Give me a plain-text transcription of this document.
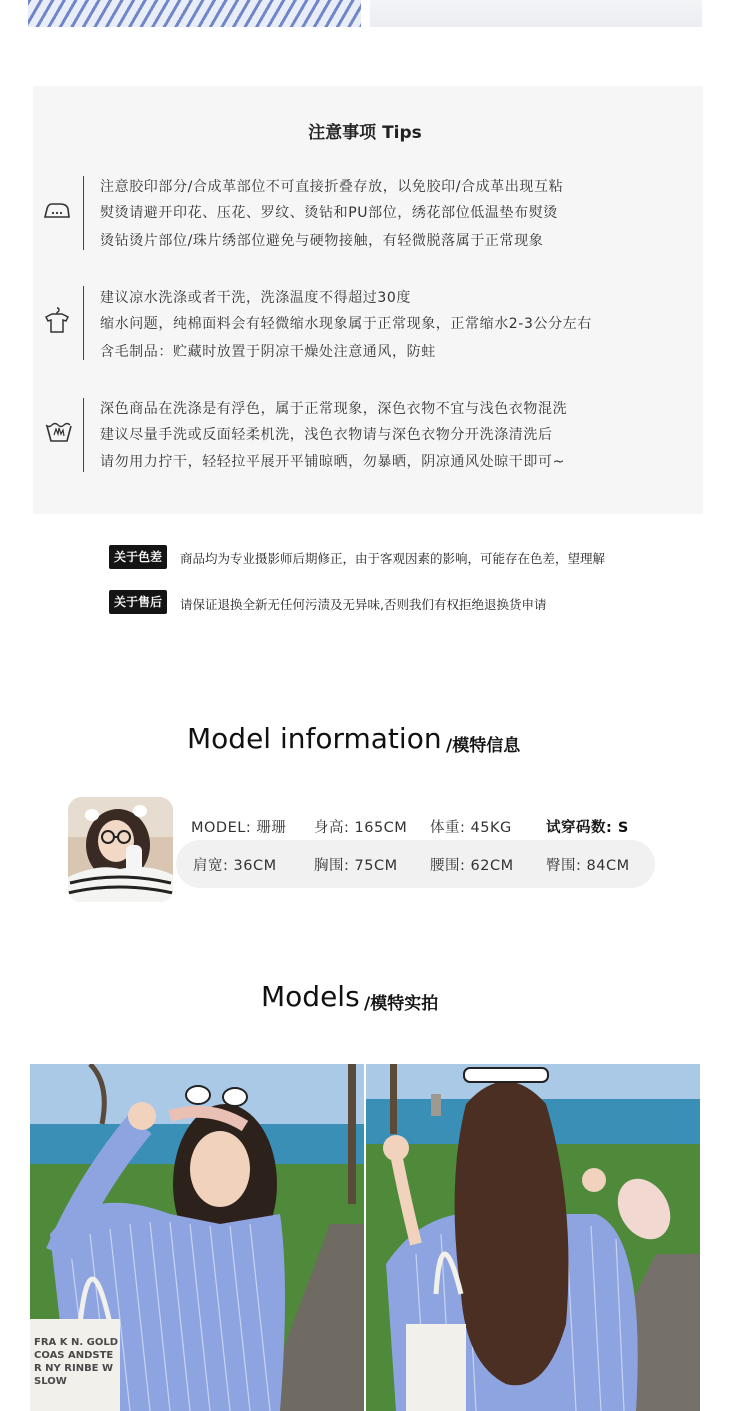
注意事项 Tips
注意胶印部分/合成革部位不可直接折叠存放，以免胶印/合成革出现互粘
熨烫请避开印花、压花、罗纹、烫钻和PU部位，绣花部位低温垫布熨烫
烫钻烫片部位/珠片绣部位避免与硬物接触，有轻微脱落属于正常现象
建议凉水洗涤或者干洗，洗涤温度不得超过30度
缩水问题，纯棉面料会有轻微缩水现象属于正常现象，正常缩水2-3公分左右
含毛制品：贮藏时放置于阴凉干燥处注意通风，防蛀
深色商品在洗涤是有浮色，属于正常现象，深色衣物不宜与浅色衣物混洗
建议尽量手洗或反面轻柔机洗，浅色衣物请与深色衣物分开洗涤清洗后
请勿用力拧干，轻轻拉平展开平铺晾晒，勿暴晒，阴凉通风处晾干即可~
关于色差	商品均为专业摄影师后期修正，由于客观因素的影响，可能存在色差，望理解
关于售后	请保证退换全新无任何污渍及无异味,否则我们有权拒绝退换货申请
Model information /模特信息
MODEL: 珊珊 身高: 165CM 体重: 45KG 试穿码数: S
肩宽: 36CM	胸围: 75CM 腰围: 62CM 臀围: 84CM
Models /模特实拍
FRA K N. GOLD COAS ANDSTER NY RINBE W SLOW
